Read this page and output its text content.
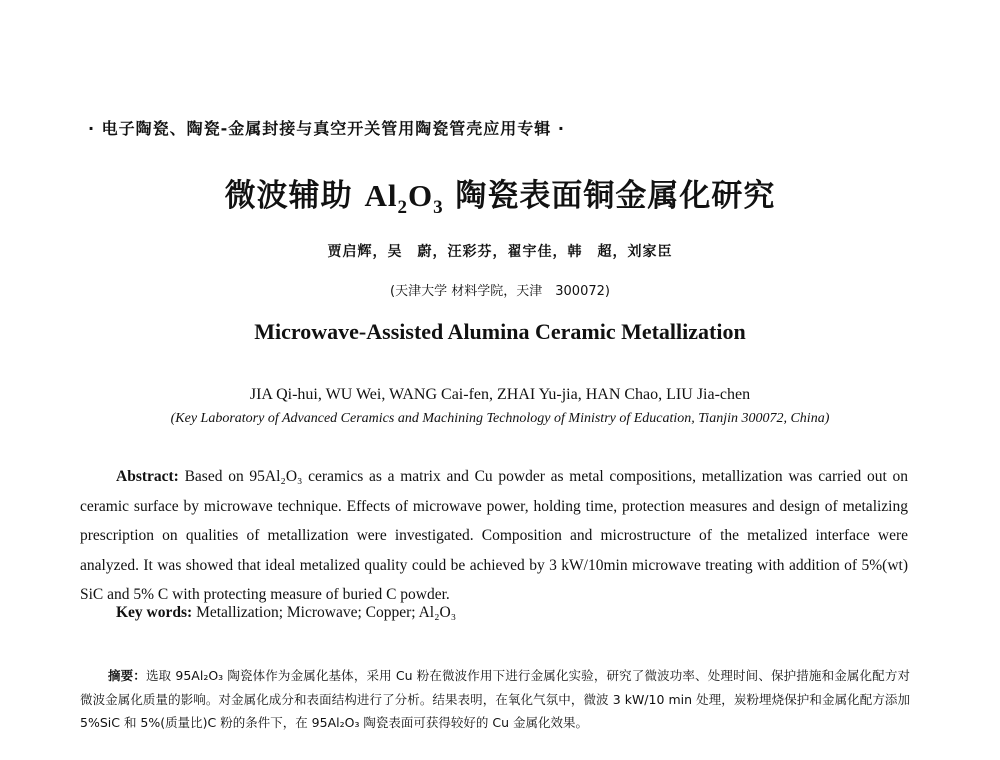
· 电子陶瓷、陶瓷-金属封接与真空开关管用陶瓷管壳应用专辑 ·
微波辅助 $Al_2O_3$ 陶瓷表面铜金属化研究
贾启辉，吴　蔚，汪彩芬，翟宇佳，韩　超，刘家臣
(天津大学 材料学院，天津　300072)
Microwave-Assisted Alumina Ceramic Metallization
JIA Qi-hui, WU Wei, WANG Cai-fen, ZHAI Yu-jia, HAN Chao, LIU Jia-chen
(Key Laboratory of Advanced Ceramics and Machining Technology of Ministry of Education, Tianjin 300072, China)
Abstract: Based on 95Al₂O₃ ceramics as a matrix and Cu powder as metal compositions, metallization was carried out on ceramic surface by microwave technique. Effects of microwave power, holding time, protection measures and design of metalizing prescription on qualities of metallization were investigated. Composition and microstructure of the metalized interface were analyzed. It was showed that ideal metalized quality could be achieved by 3 kW/10min microwave treating with addition of 5%(wt) SiC and 5% C with protecting measure of buried C powder.
Key words: Metallization; Microwave; Copper; Al₂O₃
摘要：选取 95Al₂O₃ 陶瓷体作为金属化基体，采用 Cu 粉在微波作用下进行金属化实验，研究了微波功率、处理时间、保护措施和金属化配方对微波金属化质量的影响。对金属化成分和表面结构进行了分析。结果表明，在氧化气氛中，微波 3 kW/10 min 处理，炭粉埋烧保护和金属化配方添加 5%SiC 和 5%(质量比)C 粉的条件下，在 95Al₂O₃ 陶瓷表面可获得较好的 Cu 金属化效果。
